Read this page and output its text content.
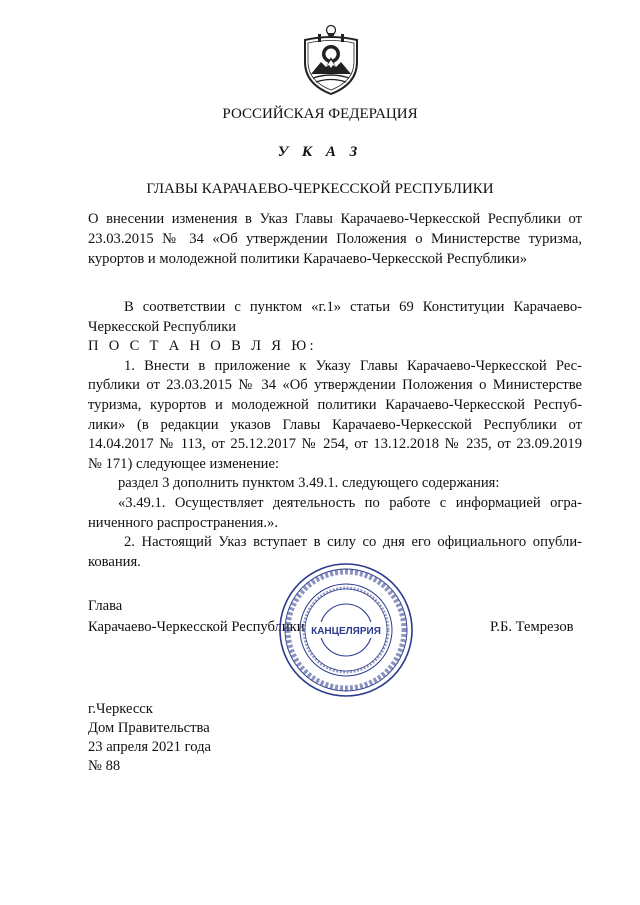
РОССИЙСКАЯ ФЕДЕРАЦИЯ
У К А З
ГЛАВЫ КАРАЧАЕВО-ЧЕРКЕССКОЙ РЕСПУБЛИКИ
О внесении изменения в Указ Главы Карачаево-Черкесской Республики от
23.03.2015 № 34 «Об утверждении Положения о Министерстве туризма,
курортов и молодежной политики Карачаево-Черкесской Республики»
В соответствии с пунктом «г.1» статьи 69 Конституции Карачаево-
Черкесской Республики
П О С Т А Н О В Л Я Ю:
1. Внести в приложение к Указу Главы Карачаево-Черкесской Рес-
публики от 23.03.2015 № 34 «Об утверждении Положения о Министерстве
туризма, курортов и молодежной политики Карачаево-Черкесской Респуб-
лики» (в редакции указов Главы Карачаево-Черкесской Республики от
14.04.2017 № 113, от 25.12.2017 № 254, от 13.12.2018 № 235, от 23.09.2019
№ 171) следующее изменение:
раздел 3 дополнить пунктом 3.49.1. следующего содержания:
«3.49.1. Осуществляет деятельность по работе с информацией огра-
ниченного распространения.».
2. Настоящий Указ вступает в силу со дня его официального опубли-
кования.
Глава
Карачаево-Черкесской Республики	Р.Б. Темрезов
КАНЦЕЛЯРИЯ
г.Черкесск
Дом Правительства
23 апреля 2021 года
№ 88
